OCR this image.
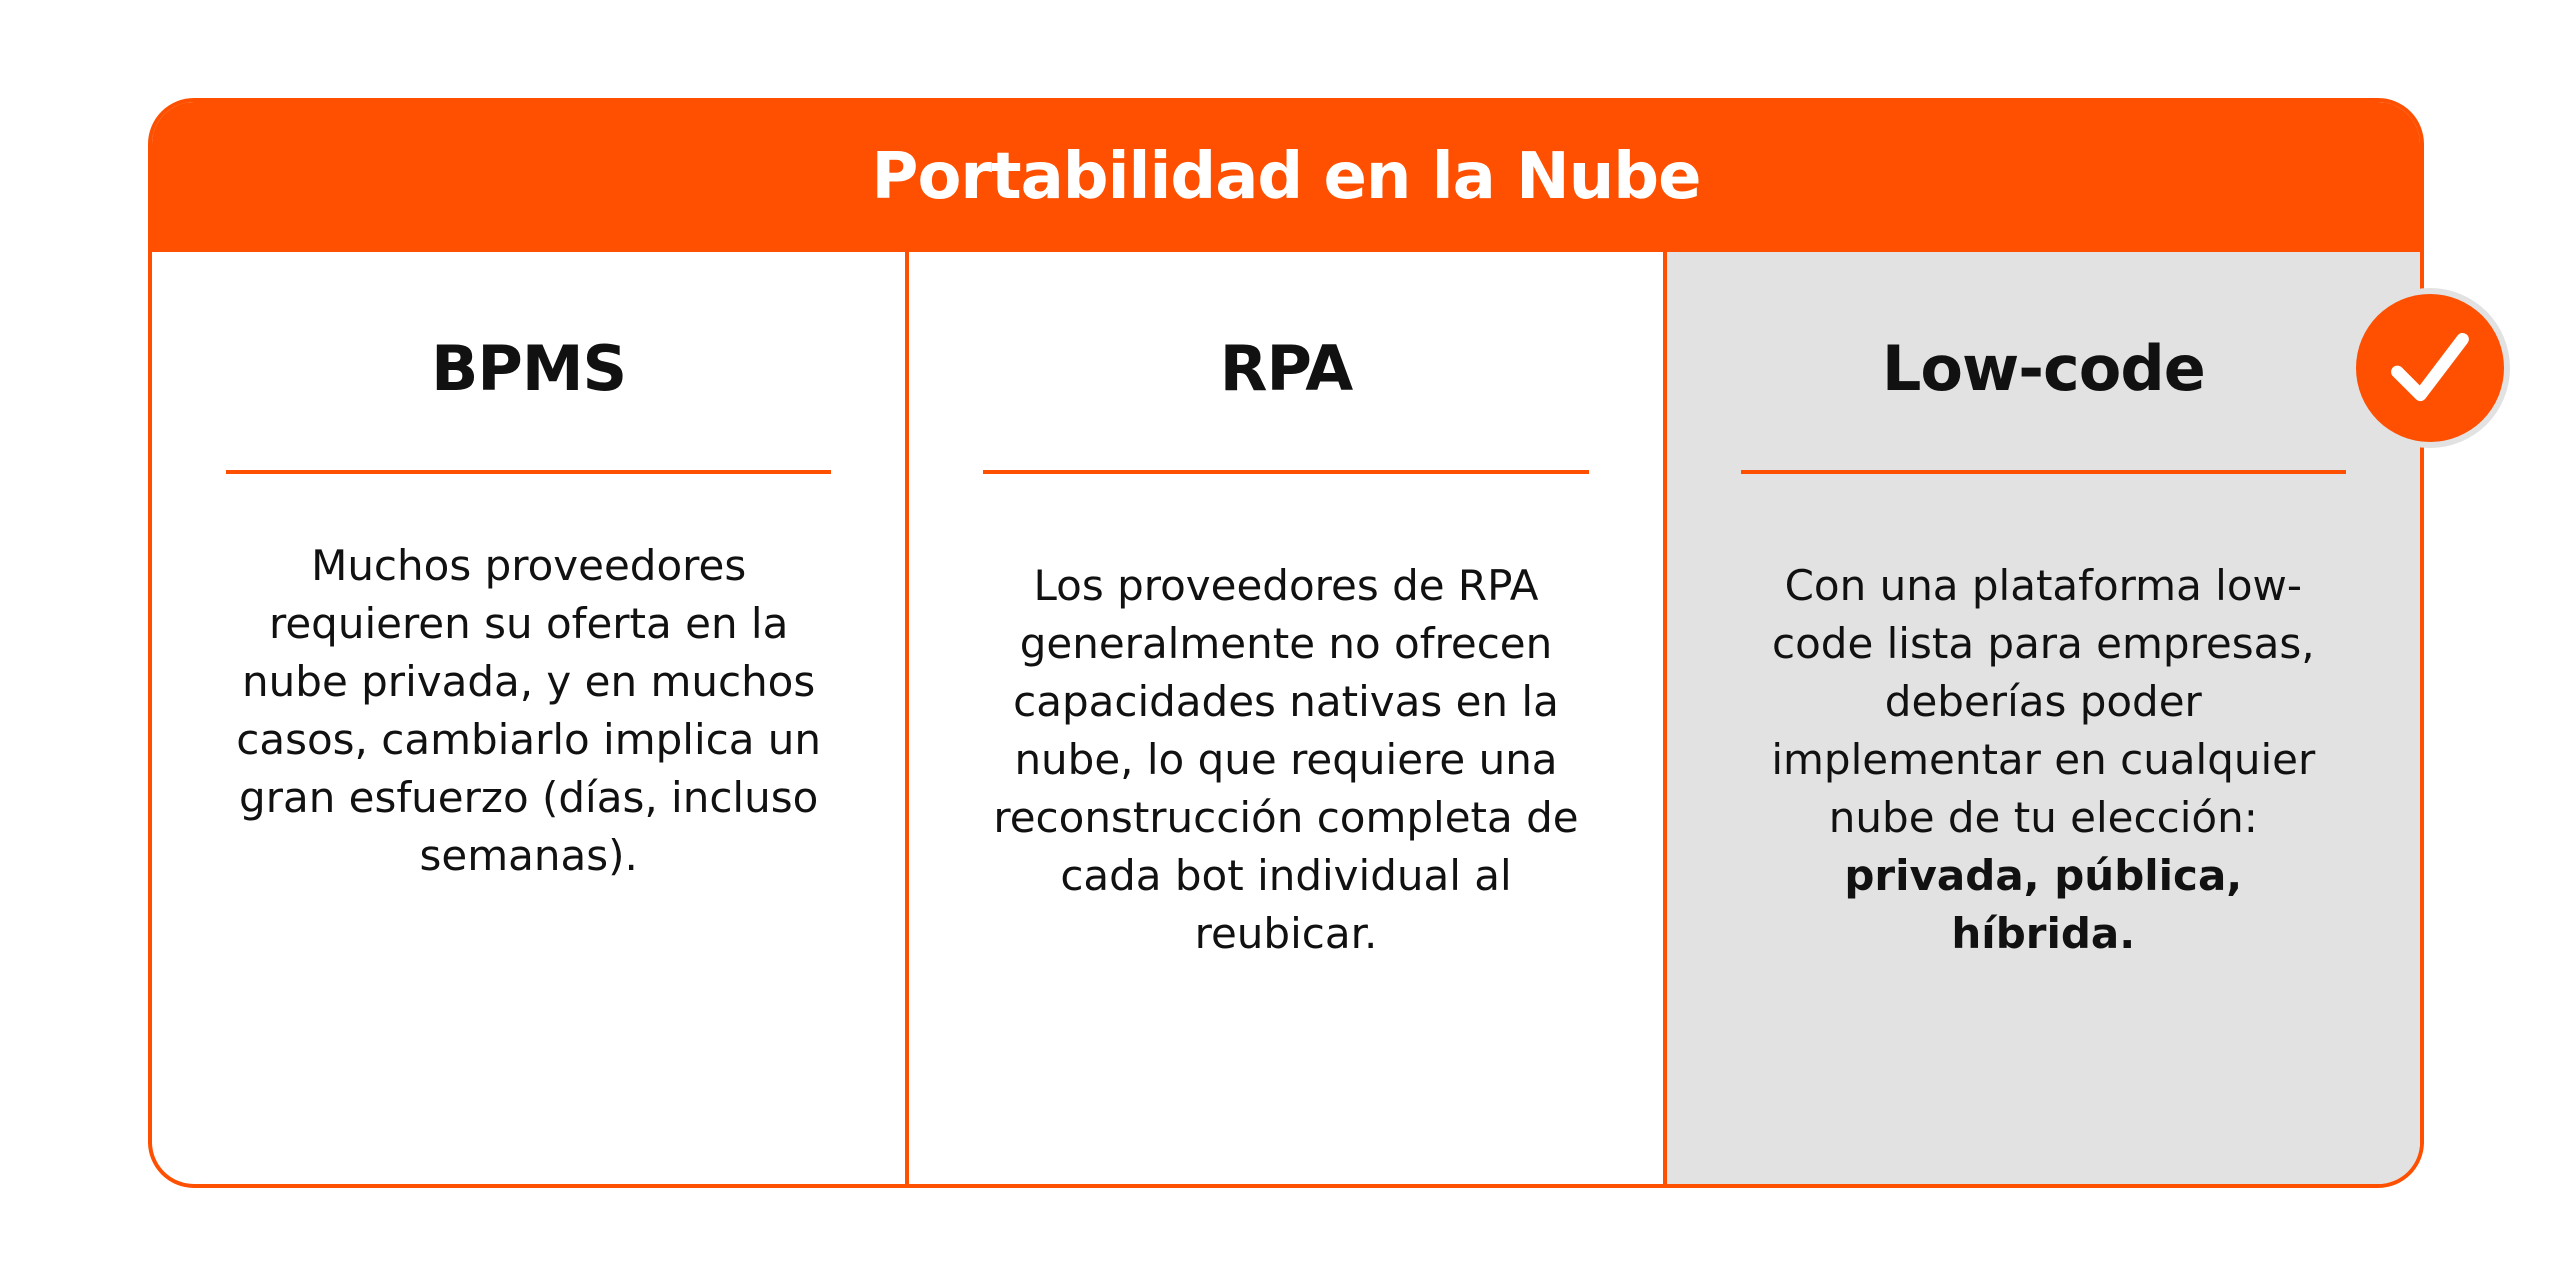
Portabilidad en la Nube
BPMS
Muchos proveedores requieren su oferta en la nube privada, y en muchos casos, cambiarlo implica un gran esfuerzo (días, incluso semanas).
RPA
Los proveedores de RPA generalmente no ofrecen capacidades nativas en la nube, lo que requiere una reconstrucción completa de cada bot individual al reubicar.
Low-code
Con una plataforma low-code lista para empresas, deberías poder implementar en cualquier nube de tu elección: privada, pública, híbrida.
